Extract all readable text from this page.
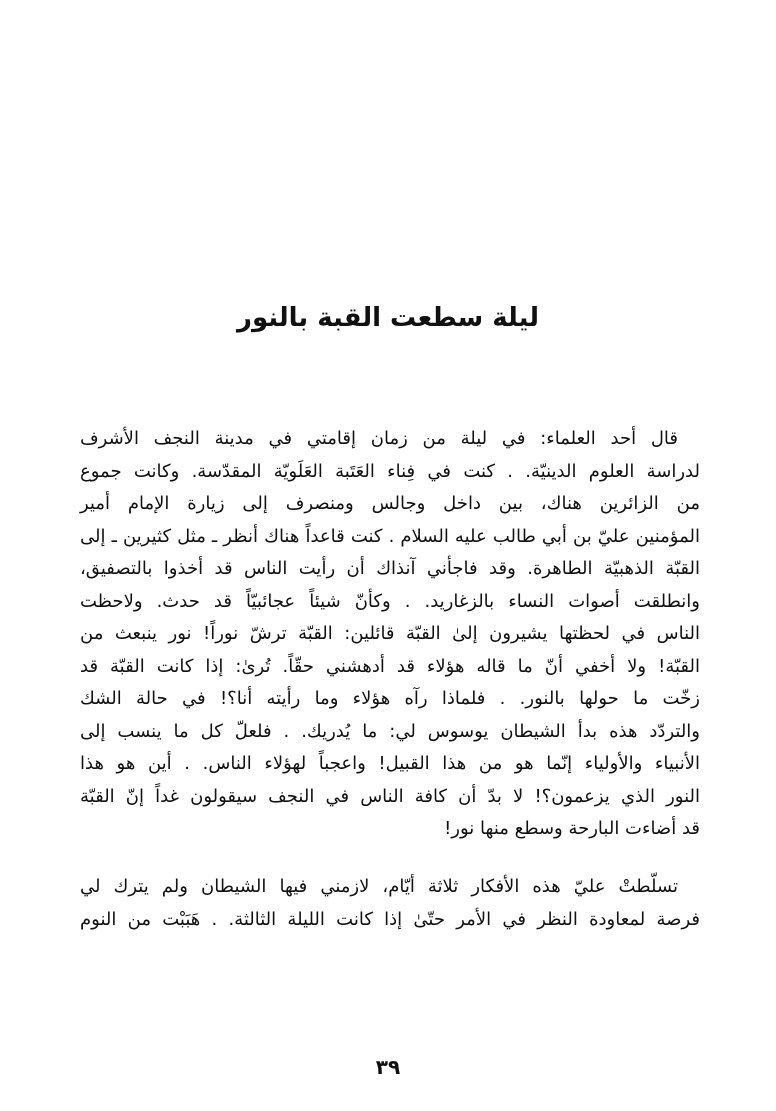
ليلة سطعت القبة بالنور
قال أحد العلماء: في ليلة من زمان إقامتي في مدينة النجف الأشرف
لدراسة العلوم الدينيّة. . كنت في فِناء العَتَبة العَلَويّة المقدّسة. وكانت جموع
من الزائرين هناك، بين داخل وجالس ومنصرف إلى زيارة الإمام أمير
المؤمنين عليّ بن أبي طالب عليه السلام . كنت قاعداً هناك أنظر ـ مثل كثيرين ـ إلى
القبّة الذهبيّة الطاهرة. وقد فاجأني آنذاك أن رأيت الناس قد أخذوا بالتصفيق،
وانطلقت أصوات النساء بالزغاريد. . وكأنّ شيئاً عجائبيّاً قد حدث. ولاحظت
الناس في لحظتها يشيرون إلىٰ القبّة قائلين: القبّة ترشّ نوراً! نور ينبعث من
القبّة! ولا أخفي أنّ ما قاله هؤلاء قد أدهشني حقّاً. تُرىٰ: إذا كانت القبّة قد
زخّت ما حولها بالنور. . فلماذا رآه هؤلاء وما رأيته أنا؟! في حالة الشك
والتردّد هذه بدأ الشيطان يوسوس لي: ما يُدريك. . فلعلّ كل ما ينسب إلى
الأنبياء والأولياء إنّما هو من هذا القبيل! واعجباً لهؤلاء الناس. . أين هو هذا
النور الذي يزعمون؟! لا بدّ أن كافة الناس في النجف سيقولون غداً إنّ القبّة
قد أضاءت البارحة وسطع منها نور!
تسلّطتْ عليّ هذه الأفكار ثلاثة أيّام، لازمني فيها الشيطان ولم يترك لي
فرصة لمعاودة النظر في الأمر حتّىٰ إذا كانت الليلة الثالثة. . هَبَبْت من النوم
٣٩
